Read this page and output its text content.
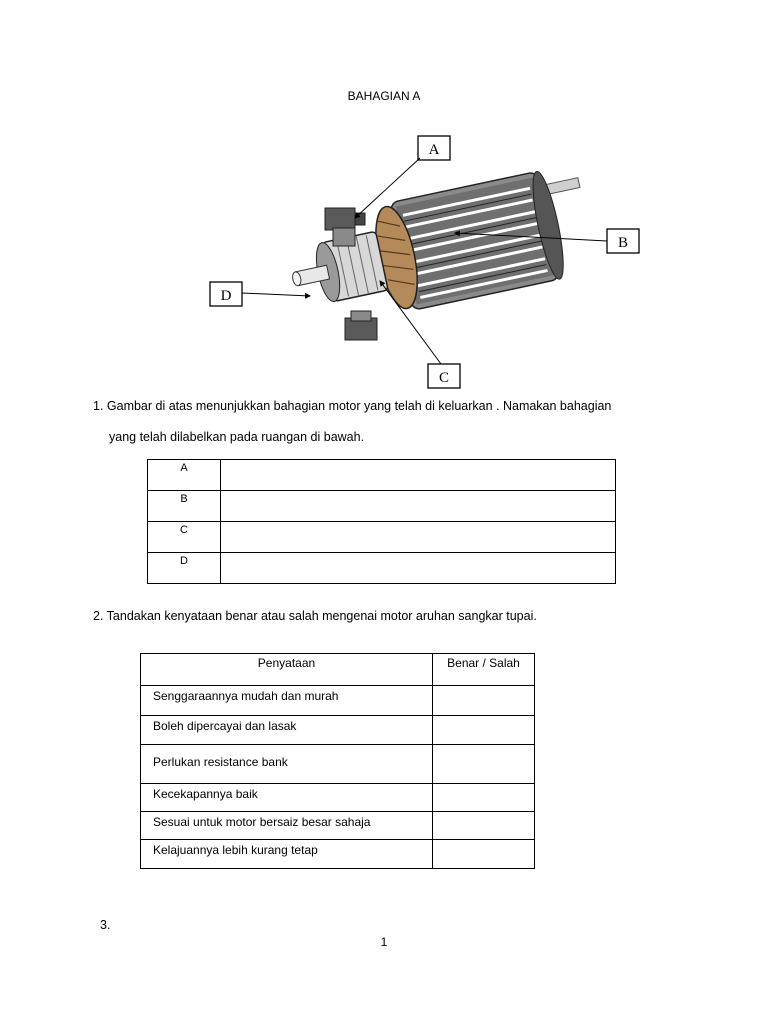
BAHAGIAN A
A
B
C
D
1. Gambar di atas menunjukkan bahagian motor yang telah di keluarkan . Namakan bahagian
yang telah dilabelkan pada ruangan di bawah.
A	
B	
C	
D	
2. Tandakan kenyataan benar atau salah mengenai motor aruhan sangkar tupai.
Penyataan	Benar / Salah
Senggaraannya mudah dan murah	
Boleh dipercayai dan lasak	
Perlukan resistance bank	
Kecekapannya baik	
Sesuai untuk motor bersaiz besar sahaja	
Kelajuannya lebih kurang tetap	
3.
1
